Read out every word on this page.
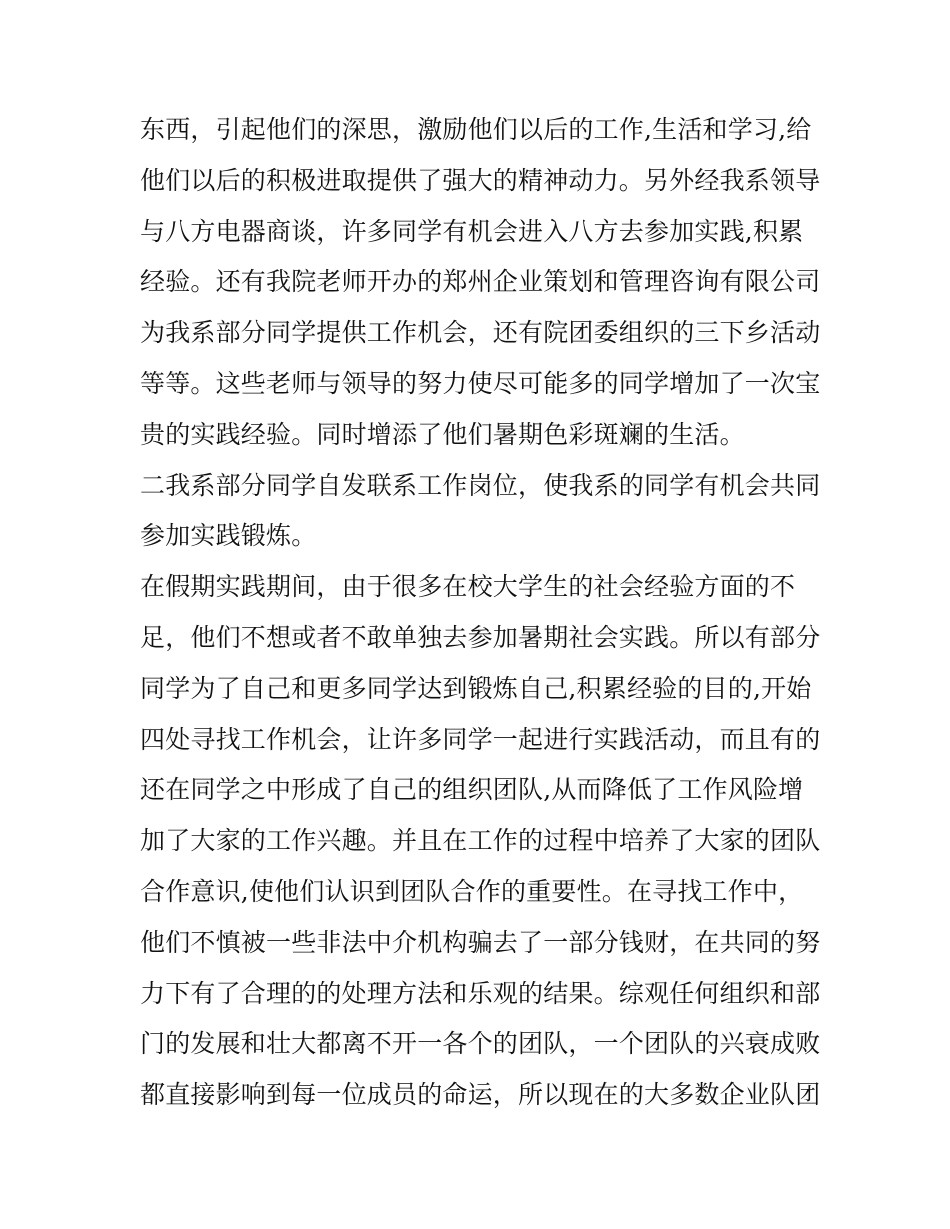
东西，引起他们的深思，激励他们以后的工作,生活和学习,给
他们以后的积极进取提供了强大的精神动力。另外经我系领导
与八方电器商谈，许多同学有机会进入八方去参加实践,积累
经验。还有我院老师开办的郑州企业策划和管理咨询有限公司
为我系部分同学提供工作机会，还有院团委组织的三下乡活动
等等。这些老师与领导的努力使尽可能多的同学增加了一次宝
贵的实践经验。同时增添了他们暑期色彩斑斓的生活。
二我系部分同学自发联系工作岗位，使我系的同学有机会共同
参加实践锻炼。
在假期实践期间，由于很多在校大学生的社会经验方面的不
足，他们不想或者不敢单独去参加暑期社会实践。所以有部分
同学为了自己和更多同学达到锻炼自己,积累经验的目的,开始
四处寻找工作机会，让许多同学一起进行实践活动，而且有的
还在同学之中形成了自己的组织团队,从而降低了工作风险增
加了大家的工作兴趣。并且在工作的过程中培养了大家的团队
合作意识,使他们认识到团队合作的重要性。在寻找工作中，
他们不慎被一些非法中介机构骗去了一部分钱财，在共同的努
力下有了合理的的处理方法和乐观的结果。综观任何组织和部
门的发展和壮大都离不开一各个的团队，一个团队的兴衰成败
都直接影响到每一位成员的命运，所以现在的大多数企业队团
